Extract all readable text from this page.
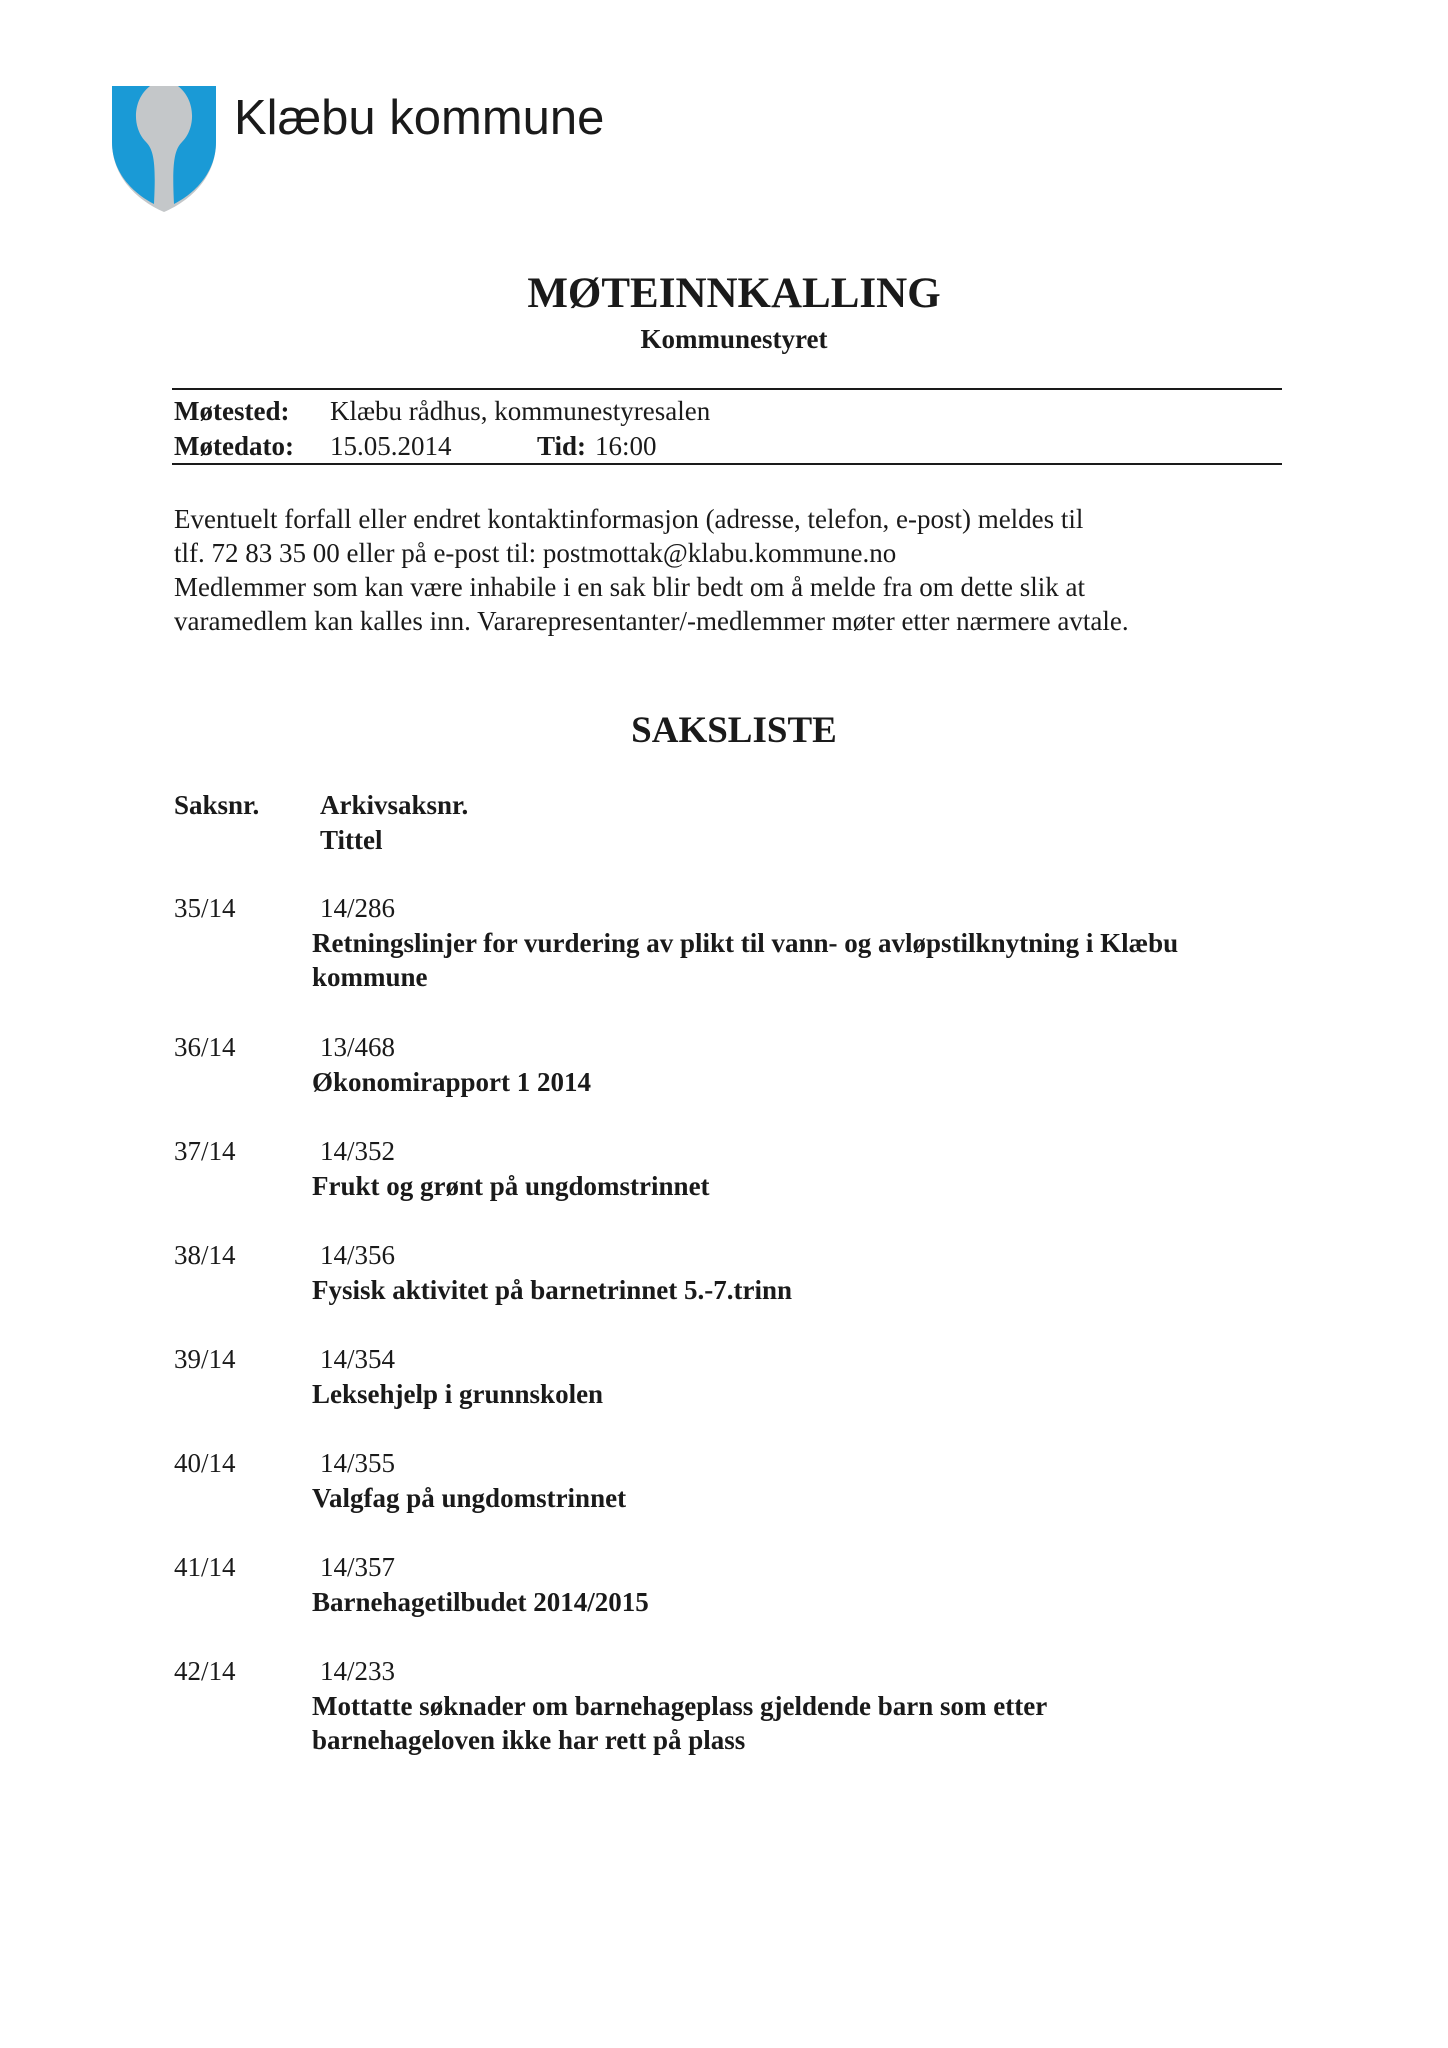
Klæbu kommune
MØTEINNKALLING
Kommunestyret
Møtested: Klæbu rådhus, kommunestyresalen
Møtedato: 15.05.2014	Tid: 16:00

Eventuelt forfall eller endret kontaktinformasjon (adresse, telefon, e-post) meldes til

tlf. 72 83 35 00 eller på e-post til: postmottak@klabu.kommune.no

Medlemmer som kan være inhabile i en sak blir bedt om å melde fra om dette slik at

varamedlem kan kalles inn. Vararepresentanter/-medlemmer møter etter nærmere avtale.

SAKSLISTE
Saksnr. Arkivsaksnr.
Tittel
35/14	14/286
Retningslinjer for vurdering av plikt til vann- og avløpstilknytning i Klæbu
kommune
36/14	13/468
Økonomirapport 1 2014
37/14	14/352
Frukt og grønt på ungdomstrinnet
38/14	14/356
Fysisk aktivitet på barnetrinnet 5.-7.trinn
39/14	14/354
Leksehjelp i grunnskolen
40/14	14/355
Valgfag på ungdomstrinnet
41/14	14/357
Barnehagetilbudet 2014/2015
42/14	14/233
Mottatte søknader om barnehageplass gjeldende barn som etter
barnehageloven ikke har rett på plass
